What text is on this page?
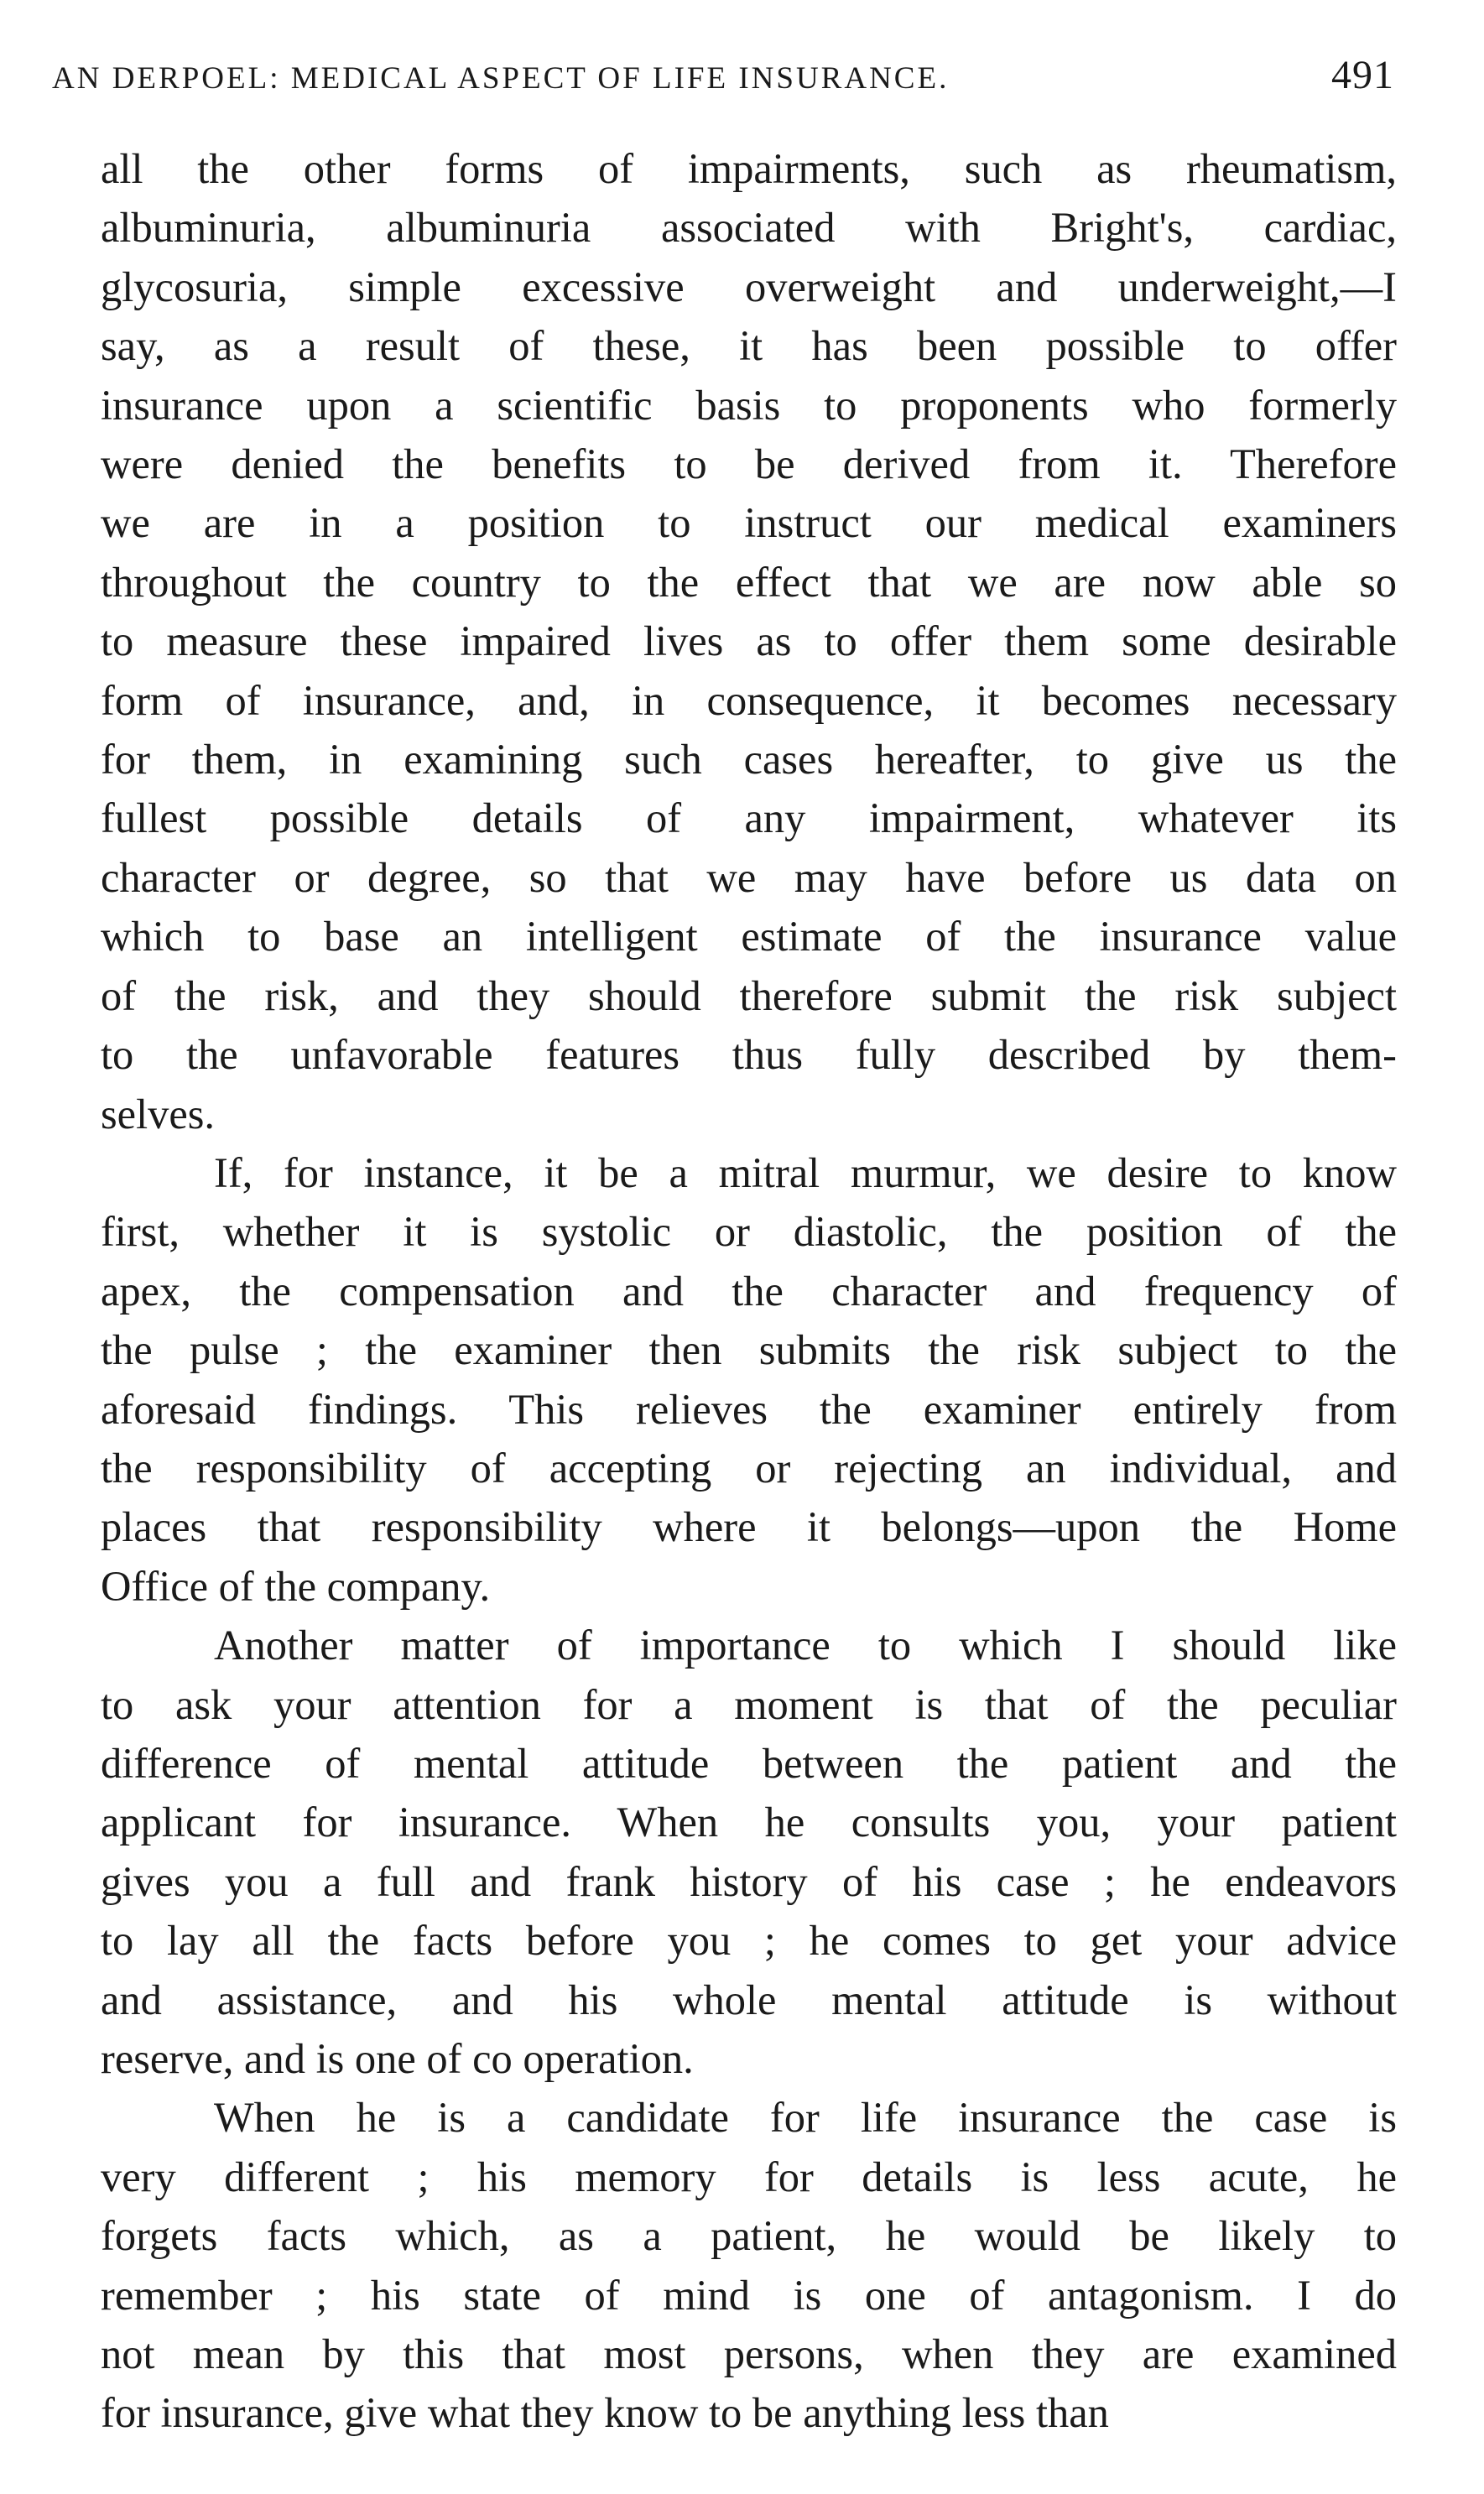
AN DERPOEL: MEDICAL ASPECT OF LIFE INSURANCE.	491

all the other forms of impairments, such as rheumatism,
albuminuria, albuminuria associated with Bright's, cardiac,
glycosuria, simple excessive overweight and underweight,—I
say, as a result of these, it has been possible to offer
insurance upon a scientific basis to proponents who formerly
were denied the benefits to be derived from it. Therefore
we are in a position to instruct our medical examiners
throughout the country to the effect that we are now able so
to measure these impaired lives as to offer them some desirable
form of insurance, and, in consequence, it becomes necessary
for them, in examining such cases hereafter, to give us the
fullest possible details of any impairment, whatever its
character or degree, so that we may have before us data on
which to base an intelligent estimate of the insurance value
of the risk, and they should therefore submit the risk subject
to the unfavorable features thus fully described by them-
selves.

If, for instance, it be a mitral murmur, we desire to know
first, whether it is systolic or diastolic, the position of the
apex, the compensation and the character and frequency of
the pulse ; the examiner then submits the risk subject to the
aforesaid findings. This relieves the examiner entirely from
the responsibility of accepting or rejecting an individual, and
places that responsibility where it belongs—upon the Home
Office of the company.

Another matter of importance to which I should like
to ask your attention for a moment is that of the peculiar
difference of mental attitude between the patient and the
applicant for insurance. When he consults you, your patient
gives you a full and frank history of his case ; he endeavors
to lay all the facts before you ; he comes to get your advice
and assistance, and his whole mental attitude is without
reserve, and is one of co operation.

When he is a candidate for life insurance the case is
very different ; his memory for details is less acute, he
forgets facts which, as a patient, he would be likely to
remember ; his state of mind is one of antagonism. I do
not mean by this that most persons, when they are examined
for insurance, give what they know to be anything less than
